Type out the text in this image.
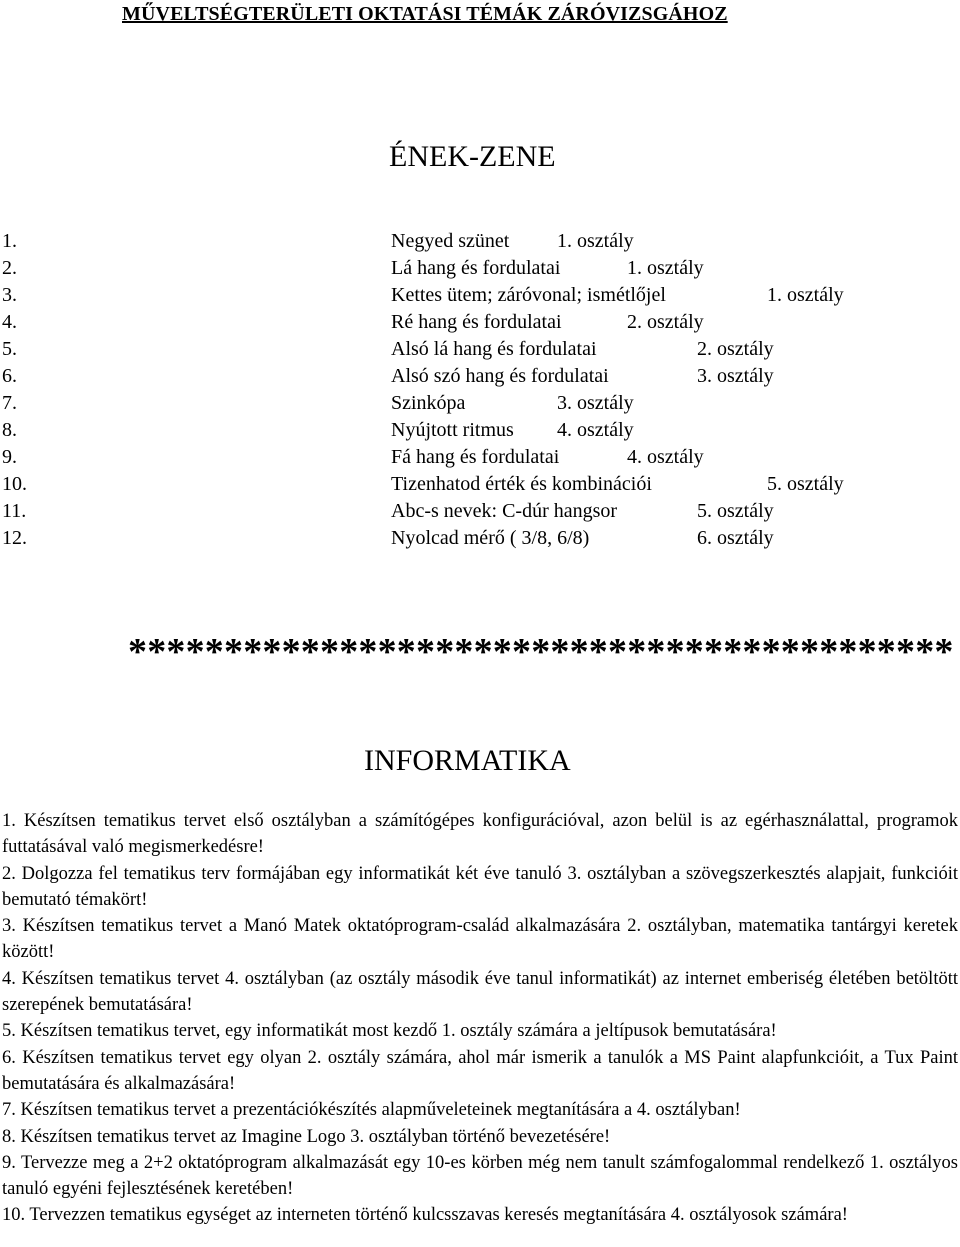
MŰVELTSÉGTERÜLETI OKTATÁSI TÉMÁK ZÁRÓVIZSGÁHOZ
ÉNEK-ZENE
1.	Negyed szünet 1. osztály
2.	Lá hang és fordulatai	1. osztály
3.	Kettes ütem; záróvonal; ismétlőjel	1. osztály
4.	Ré hang és fordulatai	2. osztály
5.	Alsó lá hang és fordulatai	2. osztály
6.	Alsó szó hang és fordulatai	3. osztály
7.	Szinkópa	3. osztály
8.	Nyújtott ritmus 4. osztály
9.	Fá hang és fordulatai	4. osztály
10.	Tizenhatod érték és kombinációi	5. osztály
11.	Abc-s nevek: C-dúr hangsor	5. osztály
12.	Nyolcad mérő ( 3/8, 6/8)	6. osztály
*******************************************
INFORMATIKA

1. Készítsen tematikus tervet első osztályban a számítógépes konfigurációval, azon belül is az egérhasználattal, programok futtatásával való megismerkedésre!

2. Dolgozza fel tematikus terv formájában egy informatikát két éve tanuló 3. osztályban a szövegszerkesztés alapjait, funkcióit bemutató témakört!

3. Készítsen tematikus tervet a Manó Matek oktatóprogram-család alkalmazására 2. osztályban, matematika tantárgyi keretek között!

4. Készítsen tematikus tervet 4. osztályban (az osztály második éve tanul informatikát) az internet emberiség életében betöltött szerepének bemutatására!

5. Készítsen tematikus tervet, egy informatikát most kezdő 1. osztály számára a jeltípusok bemutatására!

6. Készítsen tematikus tervet egy olyan 2. osztály számára, ahol már ismerik a tanulók a MS Paint alapfunkcióit, a Tux Paint bemutatására és alkalmazására!

7. Készítsen tematikus tervet a prezentációkészítés alapműveleteinek megtanítására a 4. osztályban!

8. Készítsen tematikus tervet az Imagine Logo 3. osztályban történő bevezetésére!

9. Tervezze meg a 2+2 oktatóprogram alkalmazását egy 10-es körben még nem tanult számfogalommal rendelkező 1. osztályos tanuló egyéni fejlesztésének keretében!

10. Tervezzen tematikus egységet az interneten történő kulcsszavas keresés megtanítására 4. osztályosok számára!
